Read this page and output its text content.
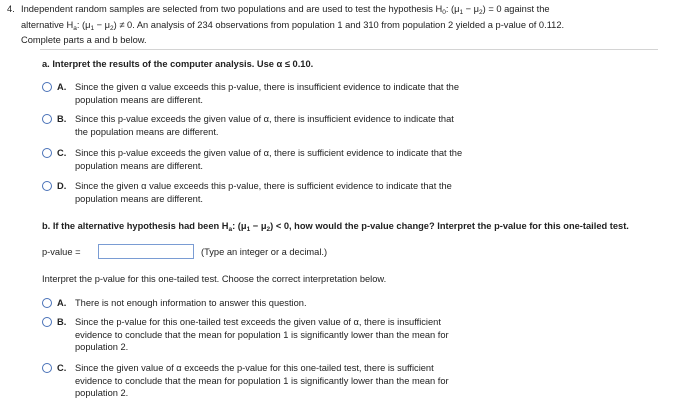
4. Independent random samples are selected from two populations and are used to test the hypothesis $H_0$: $(\mu_1 - \mu_2) = 0$ against the
alternative $H_a$: $(\mu_1 - \mu_2) \ne 0$. An analysis of 234 observations from population 1 and 310 from population 2 yielded a p-value of 0.112.
Complete parts a and b below.
a. Interpret the results of the computer analysis. Use α ≤ 0.10.
A. Since the given α value exceeds this p-value, there is insufficient evidence to indicate that the
population means are different.
B. Since this p-value exceeds the given value of α, there is insufficient evidence to indicate that
the population means are different.
C. Since this p-value exceeds the given value of α, there is sufficient evidence to indicate that the
population means are different.
D. Since the given α value exceeds this p-value, there is sufficient evidence to indicate that the
population means are different.
b. If the alternative hypothesis had been $H_a$: $(\mu_1 - \mu_2) < 0$, how would the p-value change? Interpret the p-value for this one-tailed test.
p-value =	(Type an integer or a decimal.)
Interpret the p-value for this one-tailed test. Choose the correct interpretation below.
A. There is not enough information to answer this question.
B. Since the p-value for this one-tailed test exceeds the given value of α, there is insufficient
evidence to conclude that the mean for population 1 is significantly lower than the mean for
population 2.
C. Since the given value of α exceeds the p-value for this one-tailed test, there is sufficient
evidence to conclude that the mean for population 1 is significantly lower than the mean for
population 2.
